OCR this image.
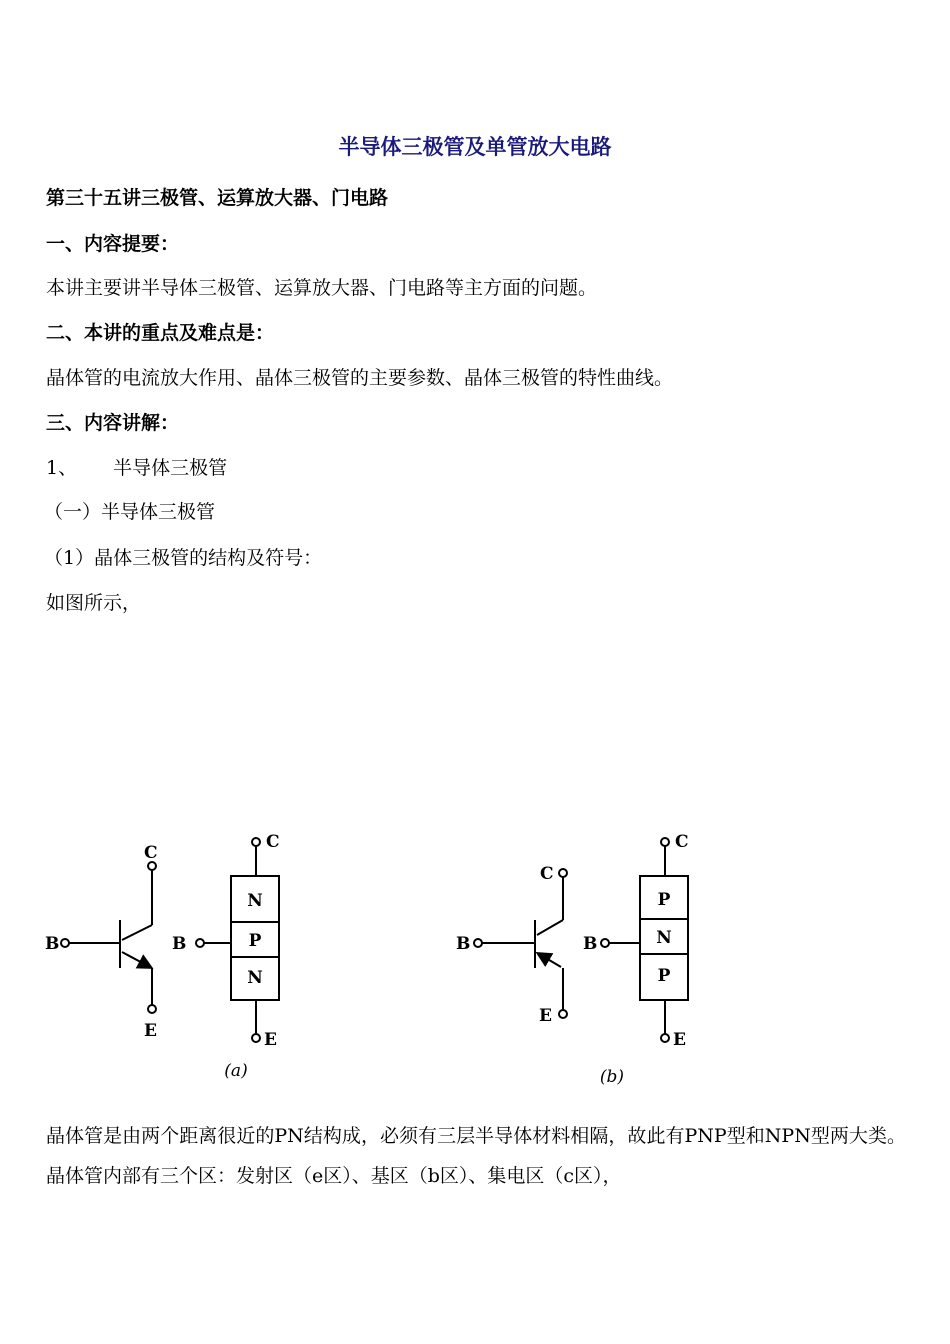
半导体三极管及单管放大电路
第三十五讲三极管、运算放大器、门电路
一、内容提要：
本讲主要讲半导体三极管、运算放大器、门电路等主方面的问题。
二、本讲的重点及难点是：
晶体管的电流放大作用、晶体三极管的主要参数、晶体三极管的特性曲线。
三、内容讲解：
1、 半导体三极管
（一）半导体三极管
（1）晶体三极管的结构及符号：
如图所示，
C
B
E
C
B
E
N
P
N
(a)
C
B
E
C
B
E
P
N
P
(b)
晶体管是由两个距离很近的PN结构成，必须有三层半导体材料相隔，故此有PNP型和NPN型两大类。晶体管内部有三个区：发射区（e区）、基区（b区）、集电区（c区），
